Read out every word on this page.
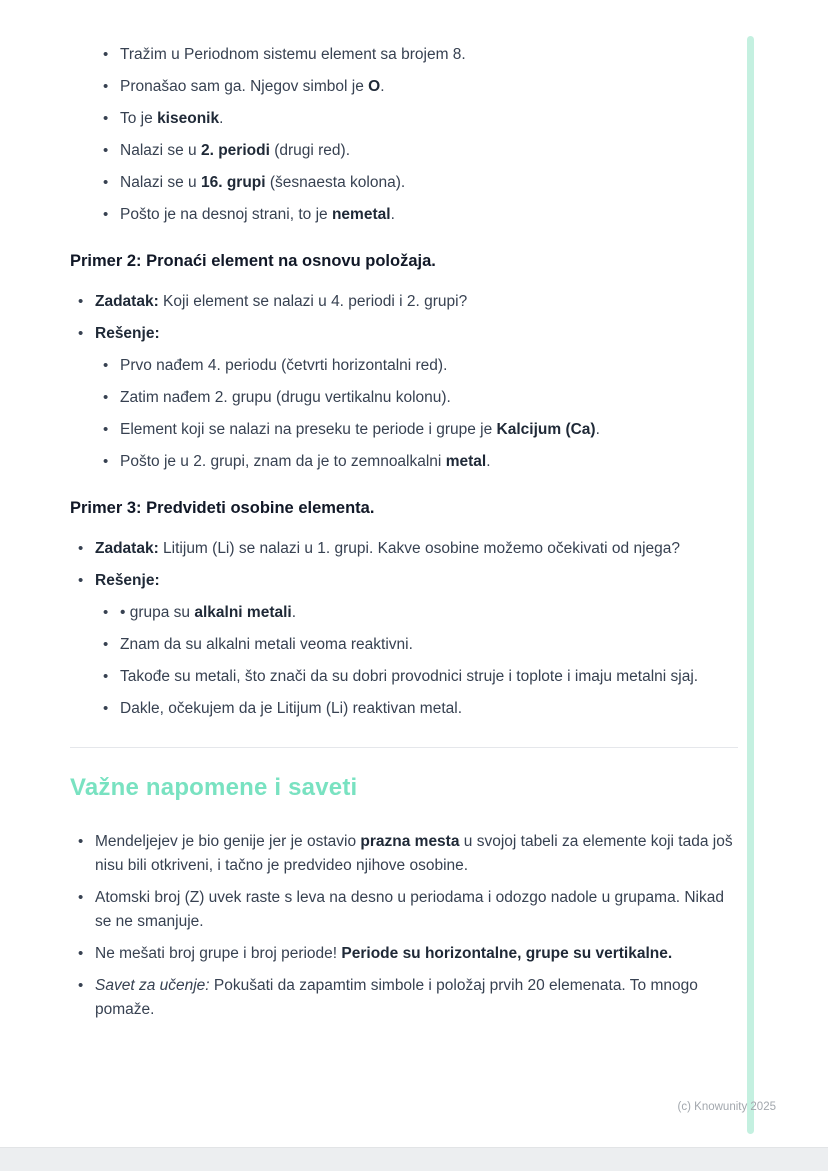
• Tražim u Periodnom sistemu element sa brojem 8.
• Pronašao sam ga. Njegov simbol je O.
• To je kiseonik.
• Nalazi se u 2. periodi (drugi red).
• Nalazi se u 16. grupi (šesnaesta kolona).
• Pošto je na desnoj strani, to je nemetal.
Primer 2: Pronaći element na osnovu položaja.
• Zadatak: Koji element se nalazi u 4. periodi i 2. grupi?
• Rešenje:
• Prvo nađem 4. periodu (četvrti horizontalni red).
• Zatim nađem 2. grupu (drugu vertikalnu kolonu).
• Element koji se nalazi na preseku te periode i grupe je Kalcijum (Ca).
• Pošto je u 2. grupi, znam da je to zemnoalkalni metal.
Primer 3: Predvideti osobine elementa.
• Zadatak: Litijum (Li) se nalazi u 1. grupi. Kakve osobine možemo očekivati od njega?
• Rešenje:
• • grupa su alkalni metali.
• Znam da su alkalni metali veoma reaktivni.
• Takođe su metali, što znači da su dobri provodnici struje i toplote i imaju metalni sjaj.
• Dakle, očekujem da je Litijum (Li) reaktivan metal.
Važne napomene i saveti
• Mendeljejev je bio genije jer je ostavio prazna mesta u svojoj tabeli za elemente koji tada još nisu bili otkriveni, i tačno je predvideo njihove osobine.
• Atomski broj (Z) uvek raste s leva na desno u periodama i odozgo nadole u grupama. Nikad se ne smanjuje.
• Ne mešati broj grupe i broj periode! Periode su horizontalne, grupe su vertikalne.
• Savet za učenje: Pokušati da zapamtim simbole i položaj prvih 20 elemenata. To mnogo pomaže.
(c) Knowunity 2025
